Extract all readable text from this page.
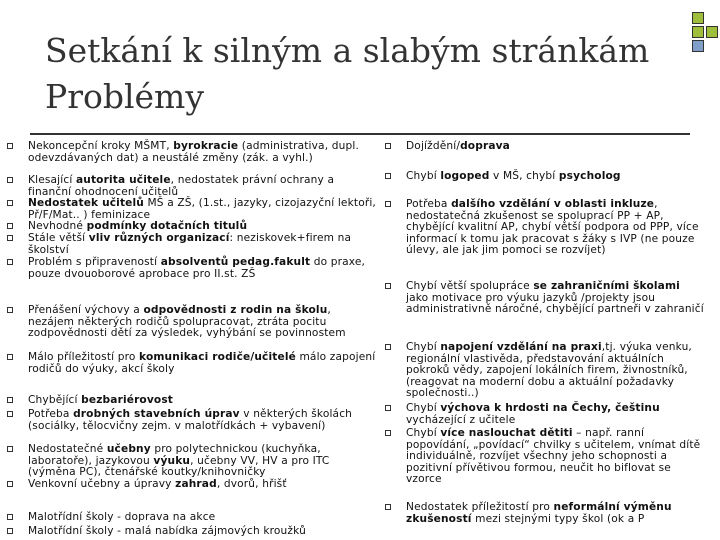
Setkání k silným a slabým stránkám
Problémy
Nekoncepční kroky MŠMT, byrokracie (administrativa, dupl. odevzdávaných dat) a neustálé změny (zák. a vyhl.)
Klesající autorita učitele, nedostatek právní ochrany a finanční ohodnocení učitelů
Nedostatek učitelů MŠ a ZŠ, (1.st., jazyky, cizojazyční lektoři, Př/F/Mat.. ) feminizace
Nevhodné podmínky dotačních titulů
Stále větší vliv různých organizací: neziskovek+firem na školství
Problém s připraveností absolventů pedag.fakult do praxe, pouze dvouoborové aprobace pro II.st. ZŠ
Přenášení výchovy a odpovědnosti z rodin na školu, nezájem některých rodičů spolupracovat, ztráta pocitu zodpovědnosti dětí za výsledek, vyhýbání se povinnostem
Málo příležitostí pro komunikaci rodiče/učitelé málo zapojení rodičů do výuky, akcí školy
Chybějící bezbariérovost
Potřeba drobných stavebních úprav v některých školách (sociálky, tělocvičny zejm. v malotřídkách + vybavení)
Nedostatečné učebny pro polytechnickou (kuchyňka, laboratoře), jazykovou výuku, učebny VV, HV a pro ITC (výměna PC), čtenářské koutky/knihovničky
Venkovní učebny a úpravy zahrad, dvorů, hřišť
Malotřídní školy - doprava na akce
Malotřídní školy - malá nabídka zájmových kroužků
Dojíždění/doprava
Chybí logoped v MŠ, chybí psycholog
Potřeba dalšího vzdělání v oblasti inkluze, nedostatečná zkušenost se spoluprací PP + AP, chybějící kvalitní AP, chybí větší podpora od PPP, více informací k tomu jak pracovat s žáky s IVP (ne pouze úlevy, ale jak jim pomoci se rozvíjet)
Chybí větší spolupráce se zahraničními školami jako motivace pro výuku jazyků /projekty jsou administrativně náročné, chybějící partneři v zahraničí
Chybí napojení vzdělání na praxi,tj. výuka venku, regionální vlastivěda, představování aktuálních pokroků vědy, zapojení lokálních firem, živnostníků, (reagovat na moderní dobu a aktuální požadavky společnosti..)
Chybí výchova k hrdosti na Čechy, češtinu vycházející z učitele
Chybí více naslouchat dětiti – např. ranní popovídání, „povídací“ chvilky s učitelem, vnímat dítě individuálně, rozvíjet všechny jeho schopnosti a pozitivní přívětivou formou, neučit ho biflovat se vzorce
Nedostatek příležitostí pro neformální výměnu zkušeností mezi stejnými typy škol (ok a P
